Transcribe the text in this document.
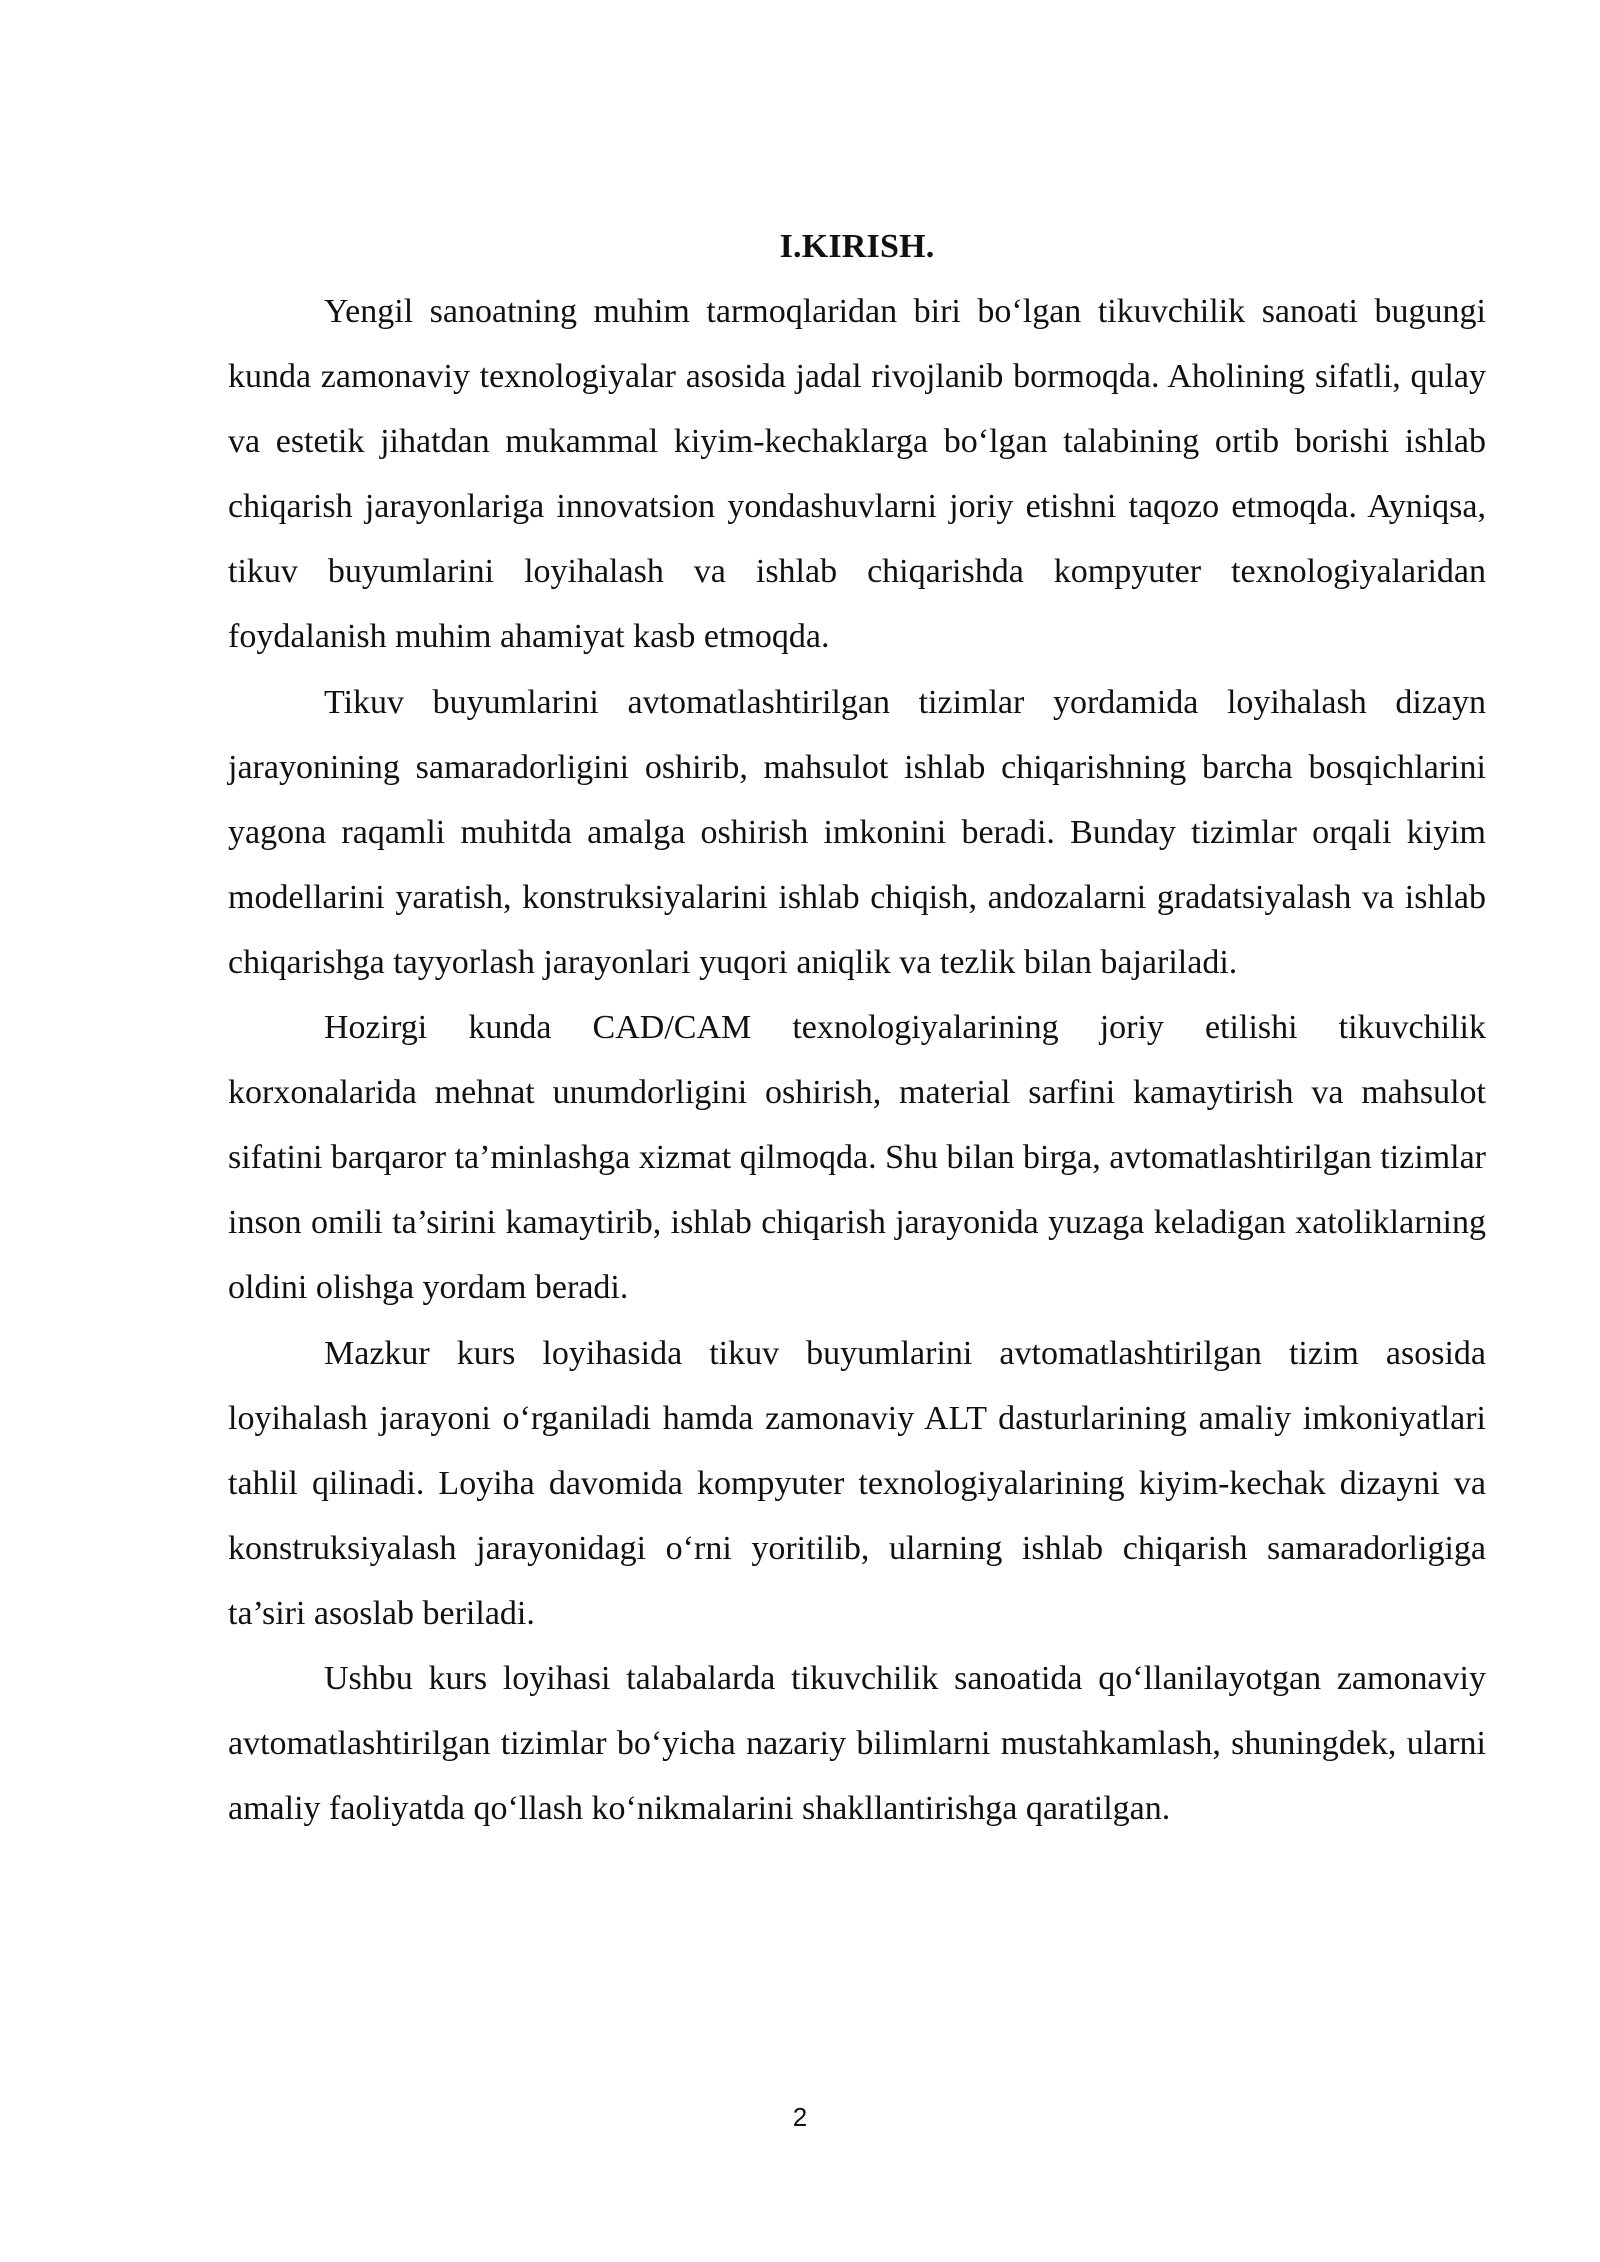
I.KIRISH.

Yengil sanoatning muhim tarmoqlaridan biri bo‘lgan tikuvchilik sanoati bugungi kunda zamonaviy texnologiyalar asosida jadal rivojlanib bormoqda. Aholining sifatli, qulay va estetik jihatdan mukammal kiyim-kechaklarga bo‘lgan talabining ortib borishi ishlab chiqarish jarayonlariga innovatsion yondashuvlarni joriy etishni taqozo etmoqda. Ayniqsa, tikuv buyumlarini loyihalash va ishlab chiqarishda kompyuter texnologiyalaridan foydalanish muhim ahamiyat kasb etmoqda.

Tikuv buyumlarini avtomatlashtirilgan tizimlar yordamida loyihalash dizayn jarayonining samaradorligini oshirib, mahsulot ishlab chiqarishning barcha bosqichlarini yagona raqamli muhitda amalga oshirish imkonini beradi. Bunday tizimlar orqali kiyim modellarini yaratish, konstruksiyalarini ishlab chiqish, andozalarni gradatsiyalash va ishlab chiqarishga tayyorlash jarayonlari yuqori aniqlik va tezlik bilan bajariladi.

Hozirgi kunda CAD/CAM texnologiyalarining joriy etilishi tikuvchilik korxonalarida mehnat unumdorligini oshirish, material sarfini kamaytirish va mahsulot sifatini barqaror ta’minlashga xizmat qilmoqda. Shu bilan birga, avtomatlashtirilgan tizimlar inson omili ta’sirini kamaytirib, ishlab chiqarish jarayonida yuzaga keladigan xatoliklarning oldini olishga yordam beradi.

Mazkur kurs loyihasida tikuv buyumlarini avtomatlashtirilgan tizim asosida loyihalash jarayoni o‘rganiladi hamda zamonaviy ALT dasturlarining amaliy imkoniyatlari tahlil qilinadi. Loyiha davomida kompyuter texnologiyalarining kiyim-kechak dizayni va konstruksiyalash jarayonidagi o‘rni yoritilib, ularning ishlab chiqarish samaradorligiga ta’siri asoslab beriladi.

Ushbu kurs loyihasi talabalarda tikuvchilik sanoatida qo‘llanilayotgan zamonaviy avtomatlashtirilgan tizimlar bo‘yicha nazariy bilimlarni mustahkamlash, shuningdek, ularni amaliy faoliyatda qo‘llash ko‘nikmalarini shakllantirishga qaratilgan.

2
